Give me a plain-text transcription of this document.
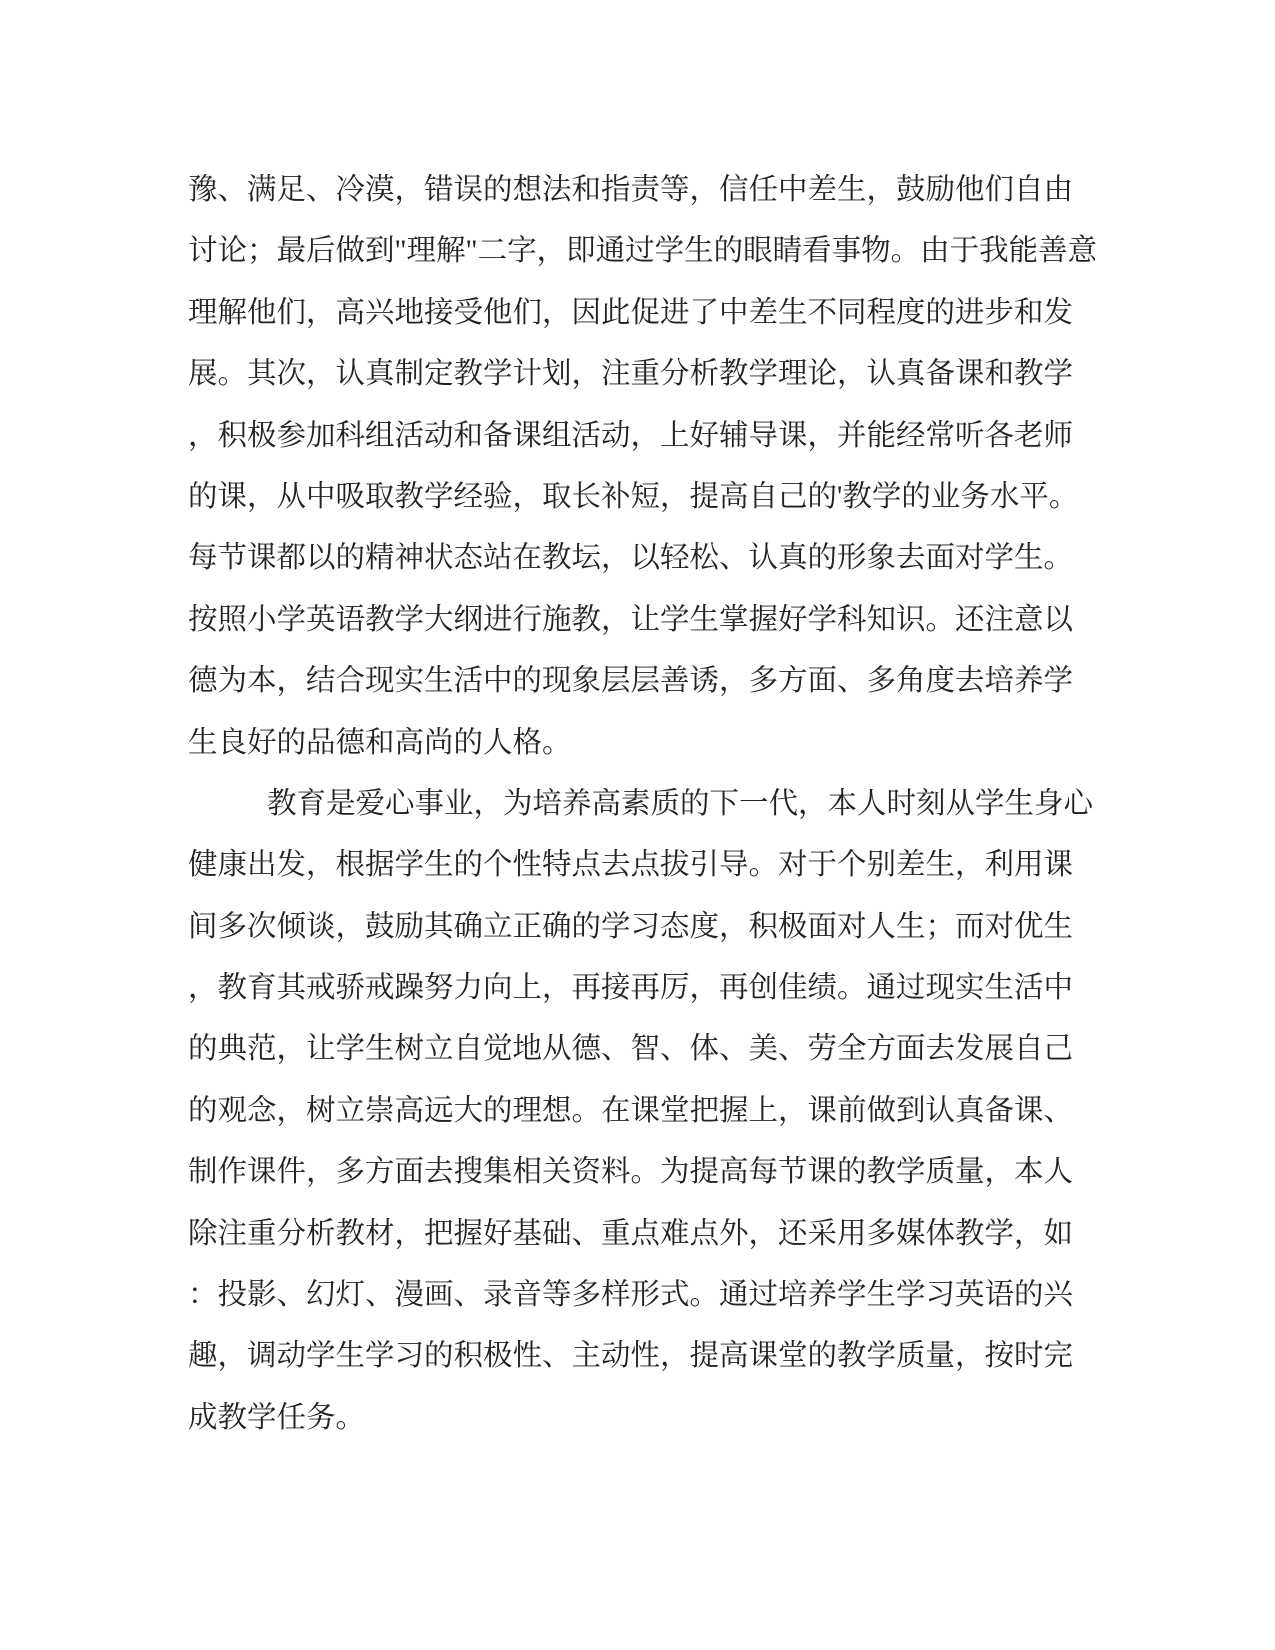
豫、满足、冷漠，错误的想法和指责等，信任中差生，鼓励他们自由
讨论；最后做到"理解"二字，即通过学生的眼睛看事物。由于我能善意
理解他们，高兴地接受他们，因此促进了中差生不同程度的进步和发
展。其次，认真制定教学计划，注重分析教学理论，认真备课和教学
，积极参加科组活动和备课组活动，上好辅导课，并能经常听各老师
的课，从中吸取教学经验，取长补短，提高自己的'教学的业务水平。
每节课都以的精神状态站在教坛，以轻松、认真的形象去面对学生。
按照小学英语教学大纲进行施教，让学生掌握好学科知识。还注意以
德为本，结合现实生活中的现象层层善诱，多方面、多角度去培养学
生良好的品德和高尚的人格。
教育是爱心事业，为培养高素质的下一代，本人时刻从学生身心
健康出发，根据学生的个性特点去点拔引导。对于个别差生，利用课
间多次倾谈，鼓励其确立正确的学习态度，积极面对人生；而对优生
，教育其戒骄戒躁努力向上，再接再厉，再创佳绩。通过现实生活中
的典范，让学生树立自觉地从德、智、体、美、劳全方面去发展自己
的观念，树立崇高远大的理想。在课堂把握上，课前做到认真备课、
制作课件，多方面去搜集相关资料。为提高每节课的教学质量，本人
除注重分析教材，把握好基础、重点难点外，还采用多媒体教学，如
：投影、幻灯、漫画、录音等多样形式。通过培养学生学习英语的兴
趣，调动学生学习的积极性、主动性，提高课堂的教学质量，按时完
成教学任务。
